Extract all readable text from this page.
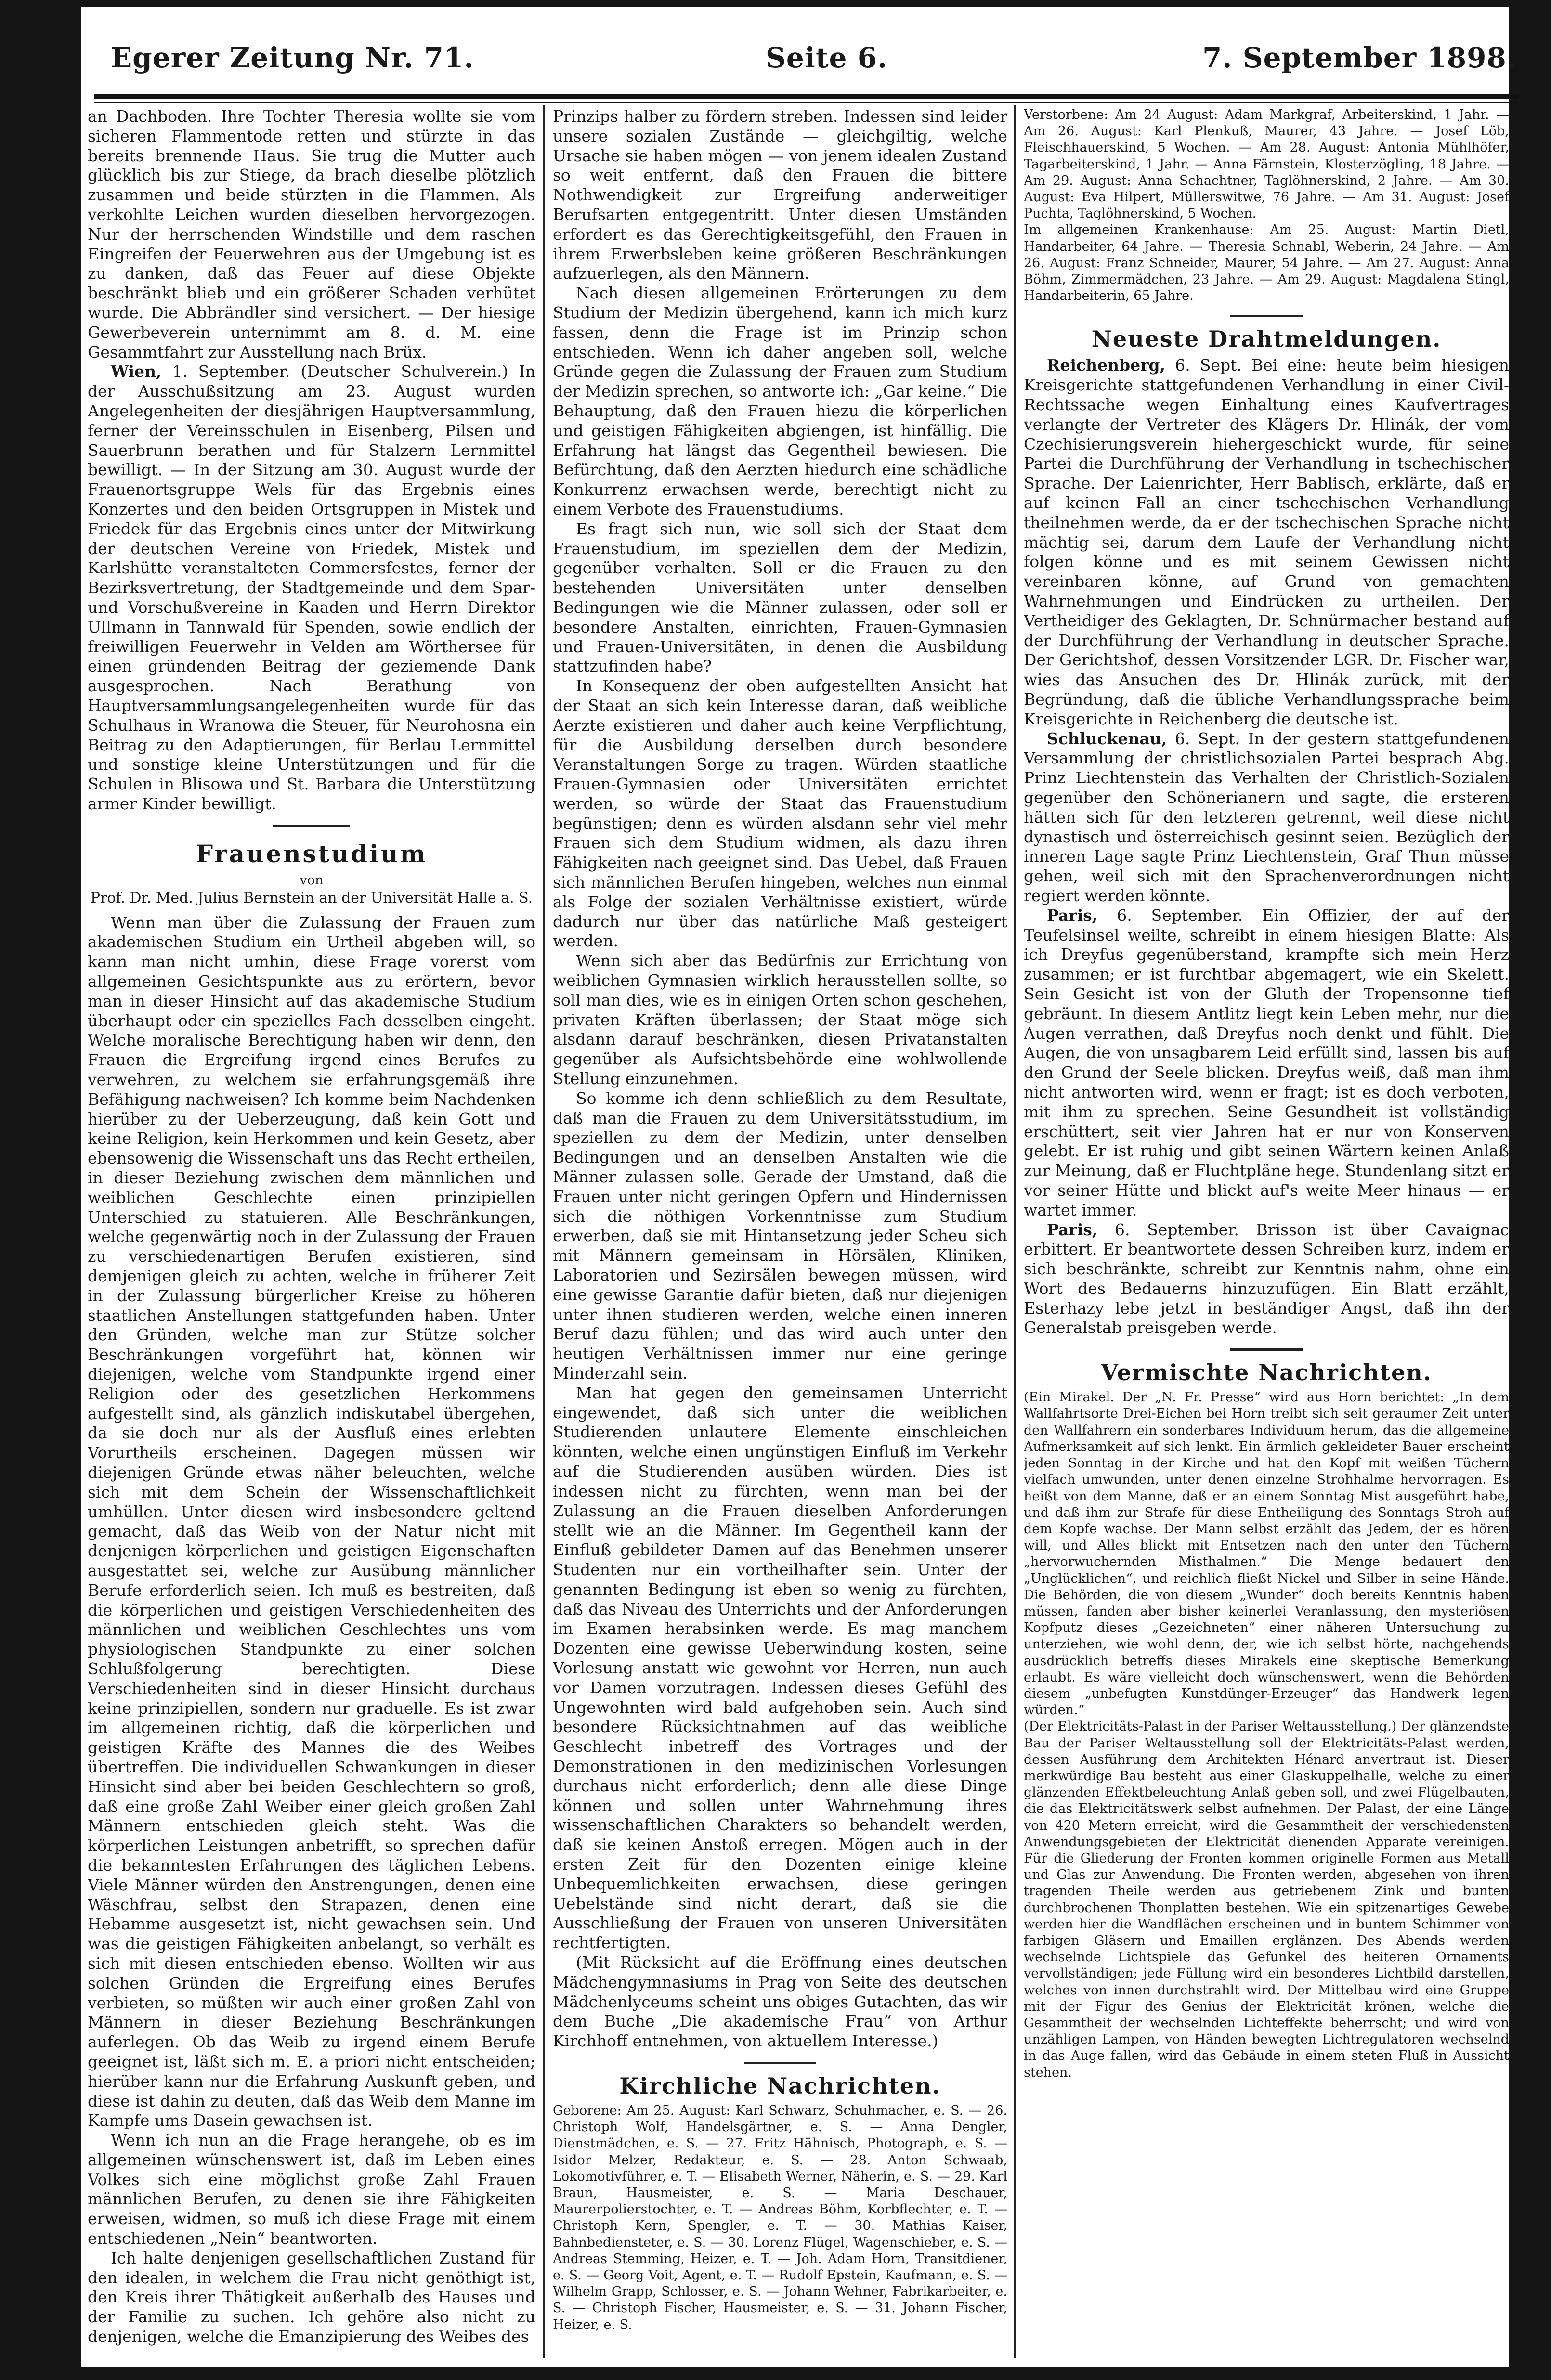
Egerer Zeitung Nr. 71.	Seite 6.	7. September 1898.

an Dachboden. Ihre Tochter Theresia wollte sie vom sicheren Flammentode retten und stürzte in das bereits brennende Haus. Sie trug die Mutter auch glücklich bis zur Stiege, da brach dieselbe plötzlich zusammen und beide stürzten in die Flammen. Als verkohlte Leichen wurden dieselben hervorgezogen. Nur der herrschenden Windstille und dem raschen Eingreifen der Feuerwehren aus der Umgebung ist es zu danken, daß das Feuer auf diese Objekte beschränkt blieb und ein größerer Schaden verhütet wurde. Die Abbrändler sind versichert. — Der hiesige Gewerbeverein unternimmt am 8. d. M. eine Gesammtfahrt zur Ausstellung nach Brüx.

Wien, 1. September. (Deutscher Schulverein.) In der Ausschußsitzung am 23. August wurden Angelegenheiten der diesjährigen Hauptversammlung, ferner der Vereinsschulen in Eisenberg, Pilsen und Sauerbrunn berathen und für Stalzern Lernmittel bewilligt. — In der Sitzung am 30. August wurde der Frauenortsgruppe Wels für das Ergebnis eines Konzertes und den beiden Ortsgruppen in Mistek und Friedek für das Ergebnis eines unter der Mitwirkung der deutschen Vereine von Friedek, Mistek und Karlshütte veranstalteten Commersfestes, ferner der Bezirksvertretung, der Stadtgemeinde und dem Spar- und Vorschußvereine in Kaaden und Herrn Direktor Ullmann in Tannwald für Spenden, sowie endlich der freiwilligen Feuerwehr in Velden am Wörthersee für einen gründenden Beitrag der geziemende Dank ausgesprochen. Nach Berathung von Hauptversammlungsangelegenheiten wurde für das Schulhaus in Wranowa die Steuer, für Neurohosna ein Beitrag zu den Adaptierungen, für Berlau Lernmittel und sonstige kleine Unterstützungen und für die Schulen in Blisowa und St. Barbara die Unterstützung armer Kinder bewilligt.

Frauenstudium
von
Prof. Dr. Med. Julius Bernstein an der Universität Halle a. S.

Wenn man über die Zulassung der Frauen zum akademischen Studium ein Urtheil abgeben will, so kann man nicht umhin, diese Frage vorerst vom allgemeinen Gesichtspunkte aus zu erörtern, bevor man in dieser Hinsicht auf das akademische Studium überhaupt oder ein spezielles Fach desselben eingeht. Welche moralische Berechtigung haben wir denn, den Frauen die Ergreifung irgend eines Berufes zu verwehren, zu welchem sie erfahrungsgemäß ihre Befähigung nachweisen? Ich komme beim Nachdenken hierüber zu der Ueberzeugung, daß kein Gott und keine Religion, kein Herkommen und kein Gesetz, aber ebensowenig die Wissenschaft uns das Recht ertheilen, in dieser Beziehung zwischen dem männlichen und weiblichen Geschlechte einen prinzipiellen Unterschied zu statuieren. Alle Beschränkungen, welche gegenwärtig noch in der Zulassung der Frauen zu verschiedenartigen Berufen existieren, sind demjenigen gleich zu achten, welche in früherer Zeit in der Zulassung bürgerlicher Kreise zu höheren staatlichen Anstellungen stattgefunden haben. Unter den Gründen, welche man zur Stütze solcher Beschränkungen vorgeführt hat, können wir diejenigen, welche vom Standpunkte irgend einer Religion oder des gesetzlichen Herkommens aufgestellt sind, als gänzlich indiskutabel übergehen, da sie doch nur als der Ausfluß eines erlebten Vorurtheils erscheinen. Dagegen müssen wir diejenigen Gründe etwas näher beleuchten, welche sich mit dem Schein der Wissenschaftlichkeit umhüllen. Unter diesen wird insbesondere geltend gemacht, daß das Weib von der Natur nicht mit denjenigen körperlichen und geistigen Eigenschaften ausgestattet sei, welche zur Ausübung männlicher Berufe erforderlich seien. Ich muß es bestreiten, daß die körperlichen und geistigen Verschiedenheiten des männlichen und weiblichen Geschlechtes uns vom physiologischen Standpunkte zu einer solchen Schlußfolgerung berechtigten. Diese Verschiedenheiten sind in dieser Hinsicht durchaus keine prinzipiellen, sondern nur graduelle. Es ist zwar im allgemeinen richtig, daß die körperlichen und geistigen Kräfte des Mannes die des Weibes übertreffen. Die individuellen Schwankungen in dieser Hinsicht sind aber bei beiden Geschlechtern so groß, daß eine große Zahl Weiber einer gleich großen Zahl Männern entschieden gleich steht. Was die körperlichen Leistungen anbetrifft, so sprechen dafür die bekanntesten Erfahrungen des täglichen Lebens. Viele Männer würden den Anstrengungen, denen eine Wäschfrau, selbst den Strapazen, denen eine Hebamme ausgesetzt ist, nicht gewachsen sein. Und was die geistigen Fähigkeiten anbelangt, so verhält es sich mit diesen entschieden ebenso. Wollten wir aus solchen Gründen die Ergreifung eines Berufes verbieten, so müßten wir auch einer großen Zahl von Männern in dieser Beziehung Beschränkungen auferlegen. Ob das Weib zu irgend einem Berufe geeignet ist, läßt sich m. E. a priori nicht entscheiden; hierüber kann nur die Erfahrung Auskunft geben, und diese ist dahin zu deuten, daß das Weib dem Manne im Kampfe ums Dasein gewachsen ist.

Wenn ich nun an die Frage herangehe, ob es im allgemeinen wünschenswert ist, daß im Leben eines Volkes sich eine möglichst große Zahl Frauen männlichen Berufen, zu denen sie ihre Fähigkeiten erweisen, widmen, so muß ich diese Frage mit einem entschiedenen „Nein“ beantworten.

Ich halte denjenigen gesellschaftlichen Zustand für den idealen, in welchem die Frau nicht genöthigt ist, den Kreis ihrer Thätigkeit außerhalb des Hauses und der Familie zu suchen. Ich gehöre also nicht zu denjenigen, welche die Emanzipierung des Weibes des

Prinzips halber zu fördern streben. Indessen sind leider unsere sozialen Zustände — gleichgiltig, welche Ursache sie haben mögen — von jenem idealen Zustand so weit entfernt, daß den Frauen die bittere Nothwendigkeit zur Ergreifung anderweitiger Berufsarten entgegentritt. Unter diesen Umständen erfordert es das Gerechtigkeitsgefühl, den Frauen in ihrem Erwerbsleben keine größeren Beschränkungen aufzuerlegen, als den Männern.

Nach diesen allgemeinen Erörterungen zu dem Studium der Medizin übergehend, kann ich mich kurz fassen, denn die Frage ist im Prinzip schon entschieden. Wenn ich daher angeben soll, welche Gründe gegen die Zulassung der Frauen zum Studium der Medizin sprechen, so antworte ich: „Gar keine.“ Die Behauptung, daß den Frauen hiezu die körperlichen und geistigen Fähigkeiten abgiengen, ist hinfällig. Die Erfahrung hat längst das Gegentheil bewiesen. Die Befürchtung, daß den Aerzten hiedurch eine schädliche Konkurrenz erwachsen werde, berechtigt nicht zu einem Verbote des Frauenstudiums.

Es fragt sich nun, wie soll sich der Staat dem Frauenstudium, im speziellen dem der Medizin, gegenüber verhalten. Soll er die Frauen zu den bestehenden Universitäten unter denselben Bedingungen wie die Männer zulassen, oder soll er besondere Anstalten, einrichten, Frauen-Gymnasien und Frauen-Universitäten, in denen die Ausbildung stattzufinden habe?

In Konsequenz der oben aufgestellten Ansicht hat der Staat an sich kein Interesse daran, daß weibliche Aerzte existieren und daher auch keine Verpflichtung, für die Ausbildung derselben durch besondere Veranstaltungen Sorge zu tragen. Würden staatliche Frauen-Gymnasien oder Universitäten errichtet werden, so würde der Staat das Frauenstudium begünstigen; denn es würden alsdann sehr viel mehr Frauen sich dem Studium widmen, als dazu ihren Fähigkeiten nach geeignet sind. Das Uebel, daß Frauen sich männlichen Berufen hingeben, welches nun einmal als Folge der sozialen Verhältnisse existiert, würde dadurch nur über das natürliche Maß gesteigert werden.

Wenn sich aber das Bedürfnis zur Errichtung von weiblichen Gymnasien wirklich herausstellen sollte, so soll man dies, wie es in einigen Orten schon geschehen, privaten Kräften überlassen; der Staat möge sich alsdann darauf beschränken, diesen Privatanstalten gegenüber als Aufsichtsbehörde eine wohlwollende Stellung einzunehmen.

So komme ich denn schließlich zu dem Resultate, daß man die Frauen zu dem Universitätsstudium, im speziellen zu dem der Medizin, unter denselben Bedingungen und an denselben Anstalten wie die Männer zulassen solle. Gerade der Umstand, daß die Frauen unter nicht geringen Opfern und Hindernissen sich die nöthigen Vorkenntnisse zum Studium erwerben, daß sie mit Hintansetzung jeder Scheu sich mit Männern gemeinsam in Hörsälen, Kliniken, Laboratorien und Sezirsälen bewegen müssen, wird eine gewisse Garantie dafür bieten, daß nur diejenigen unter ihnen studieren werden, welche einen inneren Beruf dazu fühlen; und das wird auch unter den heutigen Verhältnissen immer nur eine geringe Minderzahl sein.

Man hat gegen den gemeinsamen Unterricht eingewendet, daß sich unter die weiblichen Studierenden unlautere Elemente einschleichen könnten, welche einen ungünstigen Einfluß im Verkehr auf die Studierenden ausüben würden. Dies ist indessen nicht zu fürchten, wenn man bei der Zulassung an die Frauen dieselben Anforderungen stellt wie an die Männer. Im Gegentheil kann der Einfluß gebildeter Damen auf das Benehmen unserer Studenten nur ein vortheilhafter sein. Unter der genannten Bedingung ist eben so wenig zu fürchten, daß das Niveau des Unterrichts und der Anforderungen im Examen herabsinken werde. Es mag manchem Dozenten eine gewisse Ueberwindung kosten, seine Vorlesung anstatt wie gewohnt vor Herren, nun auch vor Damen vorzutragen. Indessen dieses Gefühl des Ungewohnten wird bald aufgehoben sein. Auch sind besondere Rücksichtnahmen auf das weibliche Geschlecht inbetreff des Vortrages und der Demonstrationen in den medizinischen Vorlesungen durchaus nicht erforderlich; denn alle diese Dinge können und sollen unter Wahrnehmung ihres wissenschaftlichen Charakters so behandelt werden, daß sie keinen Anstoß erregen. Mögen auch in der ersten Zeit für den Dozenten einige kleine Unbequemlichkeiten erwachsen, diese geringen Uebelstände sind nicht derart, daß sie die Ausschließung der Frauen von unseren Universitäten rechtfertigten.

(Mit Rücksicht auf die Eröffnung eines deutschen Mädchengymnasiums in Prag von Seite des deutschen Mädchenlyceums scheint uns obiges Gutachten, das wir dem Buche „Die akademische Frau“ von Arthur Kirchhoff entnehmen, von aktuellem Interesse.)

Kirchliche Nachrichten.

Geborene: Am 25. August: Karl Schwarz, Schuhmacher, e. S. — 26. Christoph Wolf, Handelsgärtner, e. S. — Anna Dengler, Dienstmädchen, e. S. — 27. Fritz Hähnisch, Photograph, e. S. — Isidor Melzer, Redakteur, e. S. — 28. Anton Schwaab, Lokomotivführer, e. T. — Elisabeth Werner, Näherin, e. S. — 29. Karl Braun, Hausmeister, e. S. — Maria Deschauer, Maurerpolierstochter, e. T. — Andreas Böhm, Korbflechter, e. T. — Christoph Kern, Spengler, e. T. — 30. Mathias Kaiser, Bahnbediensteter, e. S. — 30. Lorenz Flügel, Wagenschieber, e. S. — Andreas Stemming, Heizer, e. T. — Joh. Adam Horn, Transitdiener, e. S. — Georg Voit, Agent, e. T. — Rudolf Epstein, Kaufmann, e. S. — Wilhelm Grapp, Schlosser, e. S. — Johann Wehner, Fabrikarbeiter, e. S. — Christoph Fischer, Hausmeister, e. S. — 31. Johann Fischer, Heizer, e. S.

Verstorbene: Am 24 August: Adam Markgraf, Arbeiterskind, 1 Jahr. — Am 26. August: Karl Plenkuß, Maurer, 43 Jahre. — Josef Löb, Fleischhauerskind, 5 Wochen. — Am 28. August: Antonia Mühlhöfer, Tagarbeiterskind, 1 Jahr. — Anna Färnstein, Klosterzögling, 18 Jahre. — Am 29. August: Anna Schachtner, Taglöhnerskind, 2 Jahre. — Am 30. August: Eva Hilpert, Müllerswitwe, 76 Jahre. — Am 31. August: Josef Puchta, Taglöhnerskind, 5 Wochen.

Im allgemeinen Krankenhause: Am 25. August: Martin Dietl, Handarbeiter, 64 Jahre. — Theresia Schnabl, Weberin, 24 Jahre. — Am 26. August: Franz Schneider, Maurer, 54 Jahre. — Am 27. August: Anna Böhm, Zimmermädchen, 23 Jahre. — Am 29. August: Magdalena Stingl, Handarbeiterin, 65 Jahre.

Neueste Drahtmeldungen.

Reichenberg, 6. Sept. Bei eine: heute beim hiesigen Kreisgerichte stattgefundenen Verhandlung in einer Civil-Rechtssache wegen Einhaltung eines Kaufvertrages verlangte der Vertreter des Klägers Dr. Hlinák, der vom Czechisierungsverein hiehergeschickt wurde, für seine Partei die Durchführung der Verhandlung in tschechischer Sprache. Der Laienrichter, Herr Bablisch, erklärte, daß er auf keinen Fall an einer tschechischen Verhandlung theilnehmen werde, da er der tschechischen Sprache nicht mächtig sei, darum dem Laufe der Verhandlung nicht folgen könne und es mit seinem Gewissen nicht vereinbaren könne, auf Grund von gemachten Wahrnehmungen und Eindrücken zu urtheilen. Der Vertheidiger des Geklagten, Dr. Schnürmacher bestand auf der Durchführung der Verhandlung in deutscher Sprache. Der Gerichtshof, dessen Vorsitzender LGR. Dr. Fischer war, wies das Ansuchen des Dr. Hlinák zurück, mit der Begründung, daß die übliche Verhandlungssprache beim Kreisgerichte in Reichenberg die deutsche ist.

Schluckenau, 6. Sept. In der gestern stattgefundenen Versammlung der christlichsozialen Partei besprach Abg. Prinz Liechtenstein das Verhalten der Christlich-Sozialen gegenüber den Schönerianern und sagte, die ersteren hätten sich für den letzteren getrennt, weil diese nicht dynastisch und österreichisch gesinnt seien. Bezüglich der inneren Lage sagte Prinz Liechtenstein, Graf Thun müsse gehen, weil sich mit den Sprachenverordnungen nicht regiert werden könnte.

Paris, 6. September. Ein Offizier, der auf der Teufelsinsel weilte, schreibt in einem hiesigen Blatte: Als ich Dreyfus gegenüberstand, krampfte sich mein Herz zusammen; er ist furchtbar abgemagert, wie ein Skelett. Sein Gesicht ist von der Gluth der Tropensonne tief gebräunt. In diesem Antlitz liegt kein Leben mehr, nur die Augen verrathen, daß Dreyfus noch denkt und fühlt. Die Augen, die von unsagbarem Leid erfüllt sind, lassen bis auf den Grund der Seele blicken. Dreyfus weiß, daß man ihm nicht antworten wird, wenn er fragt; ist es doch verboten, mit ihm zu sprechen. Seine Gesundheit ist vollständig erschüttert, seit vier Jahren hat er nur von Konserven gelebt. Er ist ruhig und gibt seinen Wärtern keinen Anlaß zur Meinung, daß er Fluchtpläne hege. Stundenlang sitzt er vor seiner Hütte und blickt auf's weite Meer hinaus — er wartet immer.

Paris, 6. September. Brisson ist über Cavaignac erbittert. Er beantwortete dessen Schreiben kurz, indem er sich beschränkte, schreibt zur Kenntnis nahm, ohne ein Wort des Bedauerns hinzuzufügen. Ein Blatt erzählt, Esterhazy lebe jetzt in beständiger Angst, daß ihn der Generalstab preisgeben werde.

Vermischte Nachrichten.

(Ein Mirakel. Der „N. Fr. Presse“ wird aus Horn berichtet: „In dem Wallfahrtsorte Drei-Eichen bei Horn treibt sich seit geraumer Zeit unter den Wallfahrern ein sonderbares Individuum herum, das die allgemeine Aufmerksamkeit auf sich lenkt. Ein ärmlich gekleideter Bauer erscheint jeden Sonntag in der Kirche und hat den Kopf mit weißen Tüchern vielfach umwunden, unter denen einzelne Strohhalme hervorragen. Es heißt von dem Manne, daß er an einem Sonntag Mist ausgeführt habe, und daß ihm zur Strafe für diese Entheiligung des Sonntags Stroh auf dem Kopfe wachse. Der Mann selbst erzählt das Jedem, der es hören will, und Alles blickt mit Entsetzen nach den unter den Tüchern „hervorwuchernden Misthalmen.“ Die Menge bedauert den „Unglücklichen“, und reichlich fließt Nickel und Silber in seine Hände. Die Behörden, die von diesem „Wunder“ doch bereits Kenntnis haben müssen, fanden aber bisher keinerlei Veranlassung, den mysteriösen Kopfputz dieses „Gezeichneten“ einer näheren Untersuchung zu unterziehen, wie wohl denn, der, wie ich selbst hörte, nachgehends ausdrücklich betreffs dieses Mirakels eine skeptische Bemerkung erlaubt. Es wäre vielleicht doch wünschenswert, wenn die Behörden diesem „unbefugten Kunstdünger-Erzeuger“ das Handwerk legen würden.“

(Der Elektricitäts-Palast in der Pariser Weltausstellung.) Der glänzendste Bau der Pariser Weltausstellung soll der Elektricitäts-Palast werden, dessen Ausführung dem Architekten Hénard anvertraut ist. Dieser merkwürdige Bau besteht aus einer Glaskuppelhalle, welche zu einer glänzenden Effektbeleuchtung Anlaß geben soll, und zwei Flügelbauten, die das Elektricitätswerk selbst aufnehmen. Der Palast, der eine Länge von 420 Metern erreicht, wird die Gesammtheit der verschiedensten Anwendungsgebieten der Elektricität dienenden Apparate vereinigen. Für die Gliederung der Fronten kommen originelle Formen aus Metall und Glas zur Anwendung. Die Fronten werden, abgesehen von ihren tragenden Theile werden aus getriebenem Zink und bunten durchbrochenen Thonplatten bestehen. Wie ein spitzenartiges Gewebe werden hier die Wandflächen erscheinen und in buntem Schimmer von farbigen Gläsern und Emaillen erglänzen. Des Abends werden wechselnde Lichtspiele das Gefunkel des heiteren Ornaments vervollständigen; jede Füllung wird ein besonderes Lichtbild darstellen, welches von innen durchstrahlt wird. Der Mittelbau wird eine Gruppe mit der Figur des Genius der Elektricität krönen, welche die Gesammtheit der wechselnden Lichteffekte beherrscht; und wird von unzähligen Lampen, von Händen bewegten Lichtregulatoren wechselnd in das Auge fallen, wird das Gebäude in einem steten Fluß in Aussicht stehen.
